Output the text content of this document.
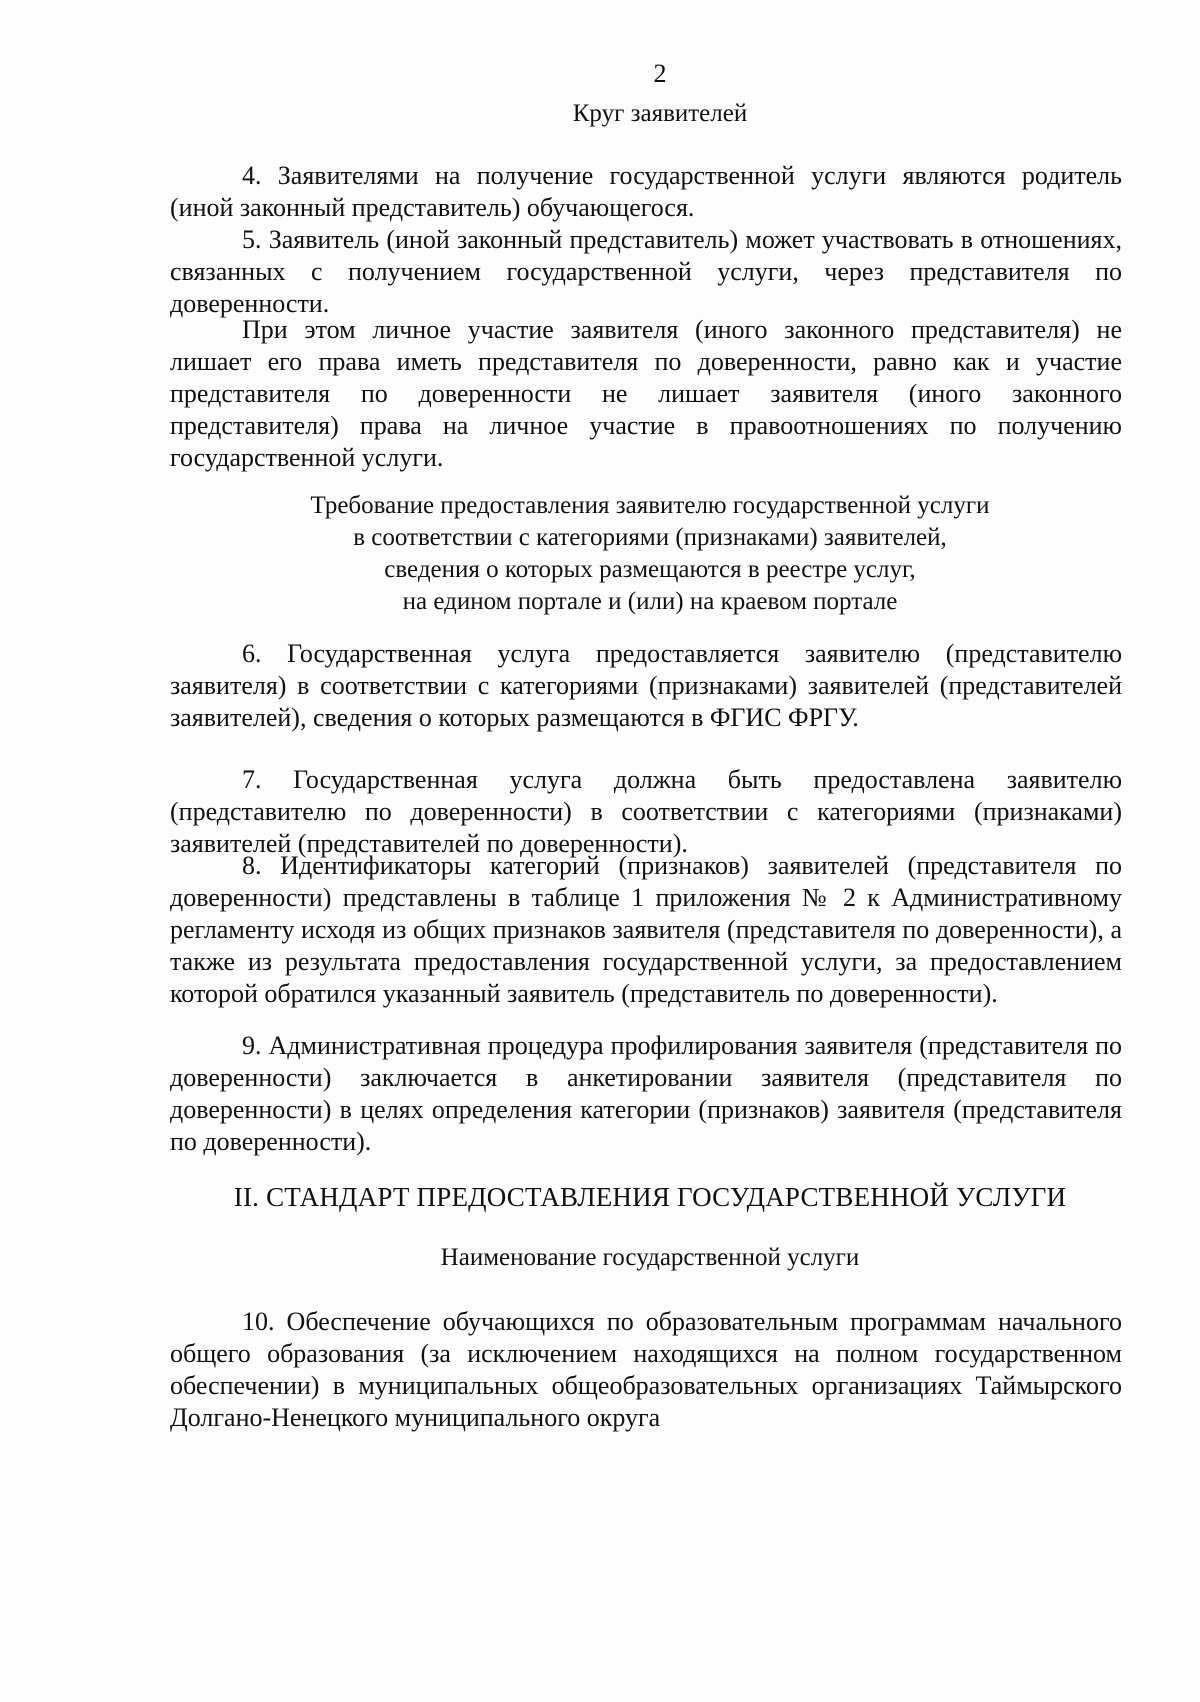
2
Круг заявителей
4. Заявителями на получение государственной услуги являются родитель (иной законный представитель) обучающегося.
5. Заявитель (иной законный представитель) может участвовать в отношениях, связанных с получением государственной услуги, через представителя по доверенности.
При этом личное участие заявителя (иного законного представителя) не лишает его права иметь представителя по доверенности, равно как и участие представителя по доверенности не лишает заявителя (иного законного представителя) права на личное участие в правоотношениях по получению государственной услуги.
Требование предоставления заявителю государственной услуги
в соответствии с категориями (признаками) заявителей,
сведения о которых размещаются в реестре услуг,
на едином портале и (или) на краевом портале
6. Государственная услуга предоставляется заявителю (представителю заявителя) в соответствии с категориями (признаками) заявителей (представителей заявителей), сведения о которых размещаются в ФГИС ФРГУ.
7. Государственная услуга должна быть предоставлена заявителю (представителю по доверенности) в соответствии с категориями (признаками) заявителей (представителей по доверенности).
8. Идентификаторы категорий (признаков) заявителей (представителя по доверенности) представлены в таблице 1 приложения № 2 к Административному регламенту исходя из общих признаков заявителя (представителя по доверенности), а также из результата предоставления государственной услуги, за предоставлением которой обратился указанный заявитель (представитель по доверенности).
9. Административная процедура профилирования заявителя (представителя по доверенности) заключается в анкетировании заявителя (представителя по доверенности) в целях определения категории (признаков) заявителя (представителя по доверенности).
II. СТАНДАРТ ПРЕДОСТАВЛЕНИЯ ГОСУДАРСТВЕННОЙ УСЛУГИ
Наименование государственной услуги
10. Обеспечение обучающихся по образовательным программам начального общего образования (за исключением находящихся на полном государственном обеспечении) в муниципальных общеобразовательных организациях Таймырского Долгано-Ненецкого муниципального округа
